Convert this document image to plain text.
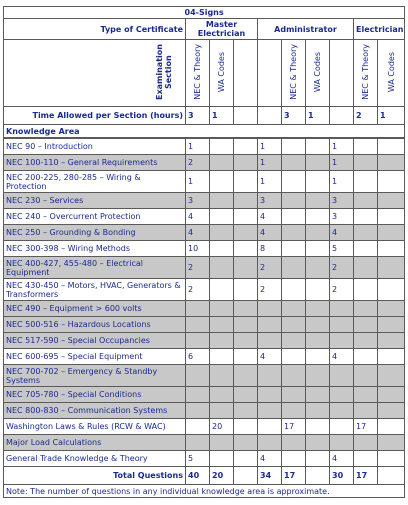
04-Signs									
Type of Certificate	Master Electrician			Administrator				Electrician	
Examination Section	NEC & Theory	WA Codes			NEC & Theory	WA Codes		NEC & Theory	WA Codes
Time Allowed per Section (hours)	3	1			3	1		2	1
Knowledge Area									
NEC 90 – Introduction	1			1			1		
NEC 100-110 – General Requirements	2			1			1		
NEC 200-225, 280-285 – Wiring & Protection	1			1			1		
NEC 230 – Services	3			3			3		
NEC 240 – Overcurrent Protection	4			4			3		
NEC 250 – Grounding & Bonding	4			4			4		
NEC 300-398 – Wiring Methods	10			8			5		
NEC 400-427, 455-480 – Electrical Equipment	2			2			2		
NEC 430-450 – Motors, HVAC, Generators & Transformers	2			2			2		
NEC 490 – Equipment > 600 volts									
NEC 500-516 – Hazardous Locations									
NEC 517-590 – Special Occupancies									
NEC 600-695 – Special Equipment	6			4			4		
NEC 700-702 – Emergency & Standby Systems									
NEC 705-780 – Special Conditions									
NEC 800-830 – Communication Systems									
Washington Laws & Rules (RCW & WAC)		20			17			17	
Major Load Calculations									
General Trade Knowledge & Theory	5			4			4		
Total Questions	40	20		34	17		30	17	
Note: The number of questions in any individual knowledge area is approximate.									
